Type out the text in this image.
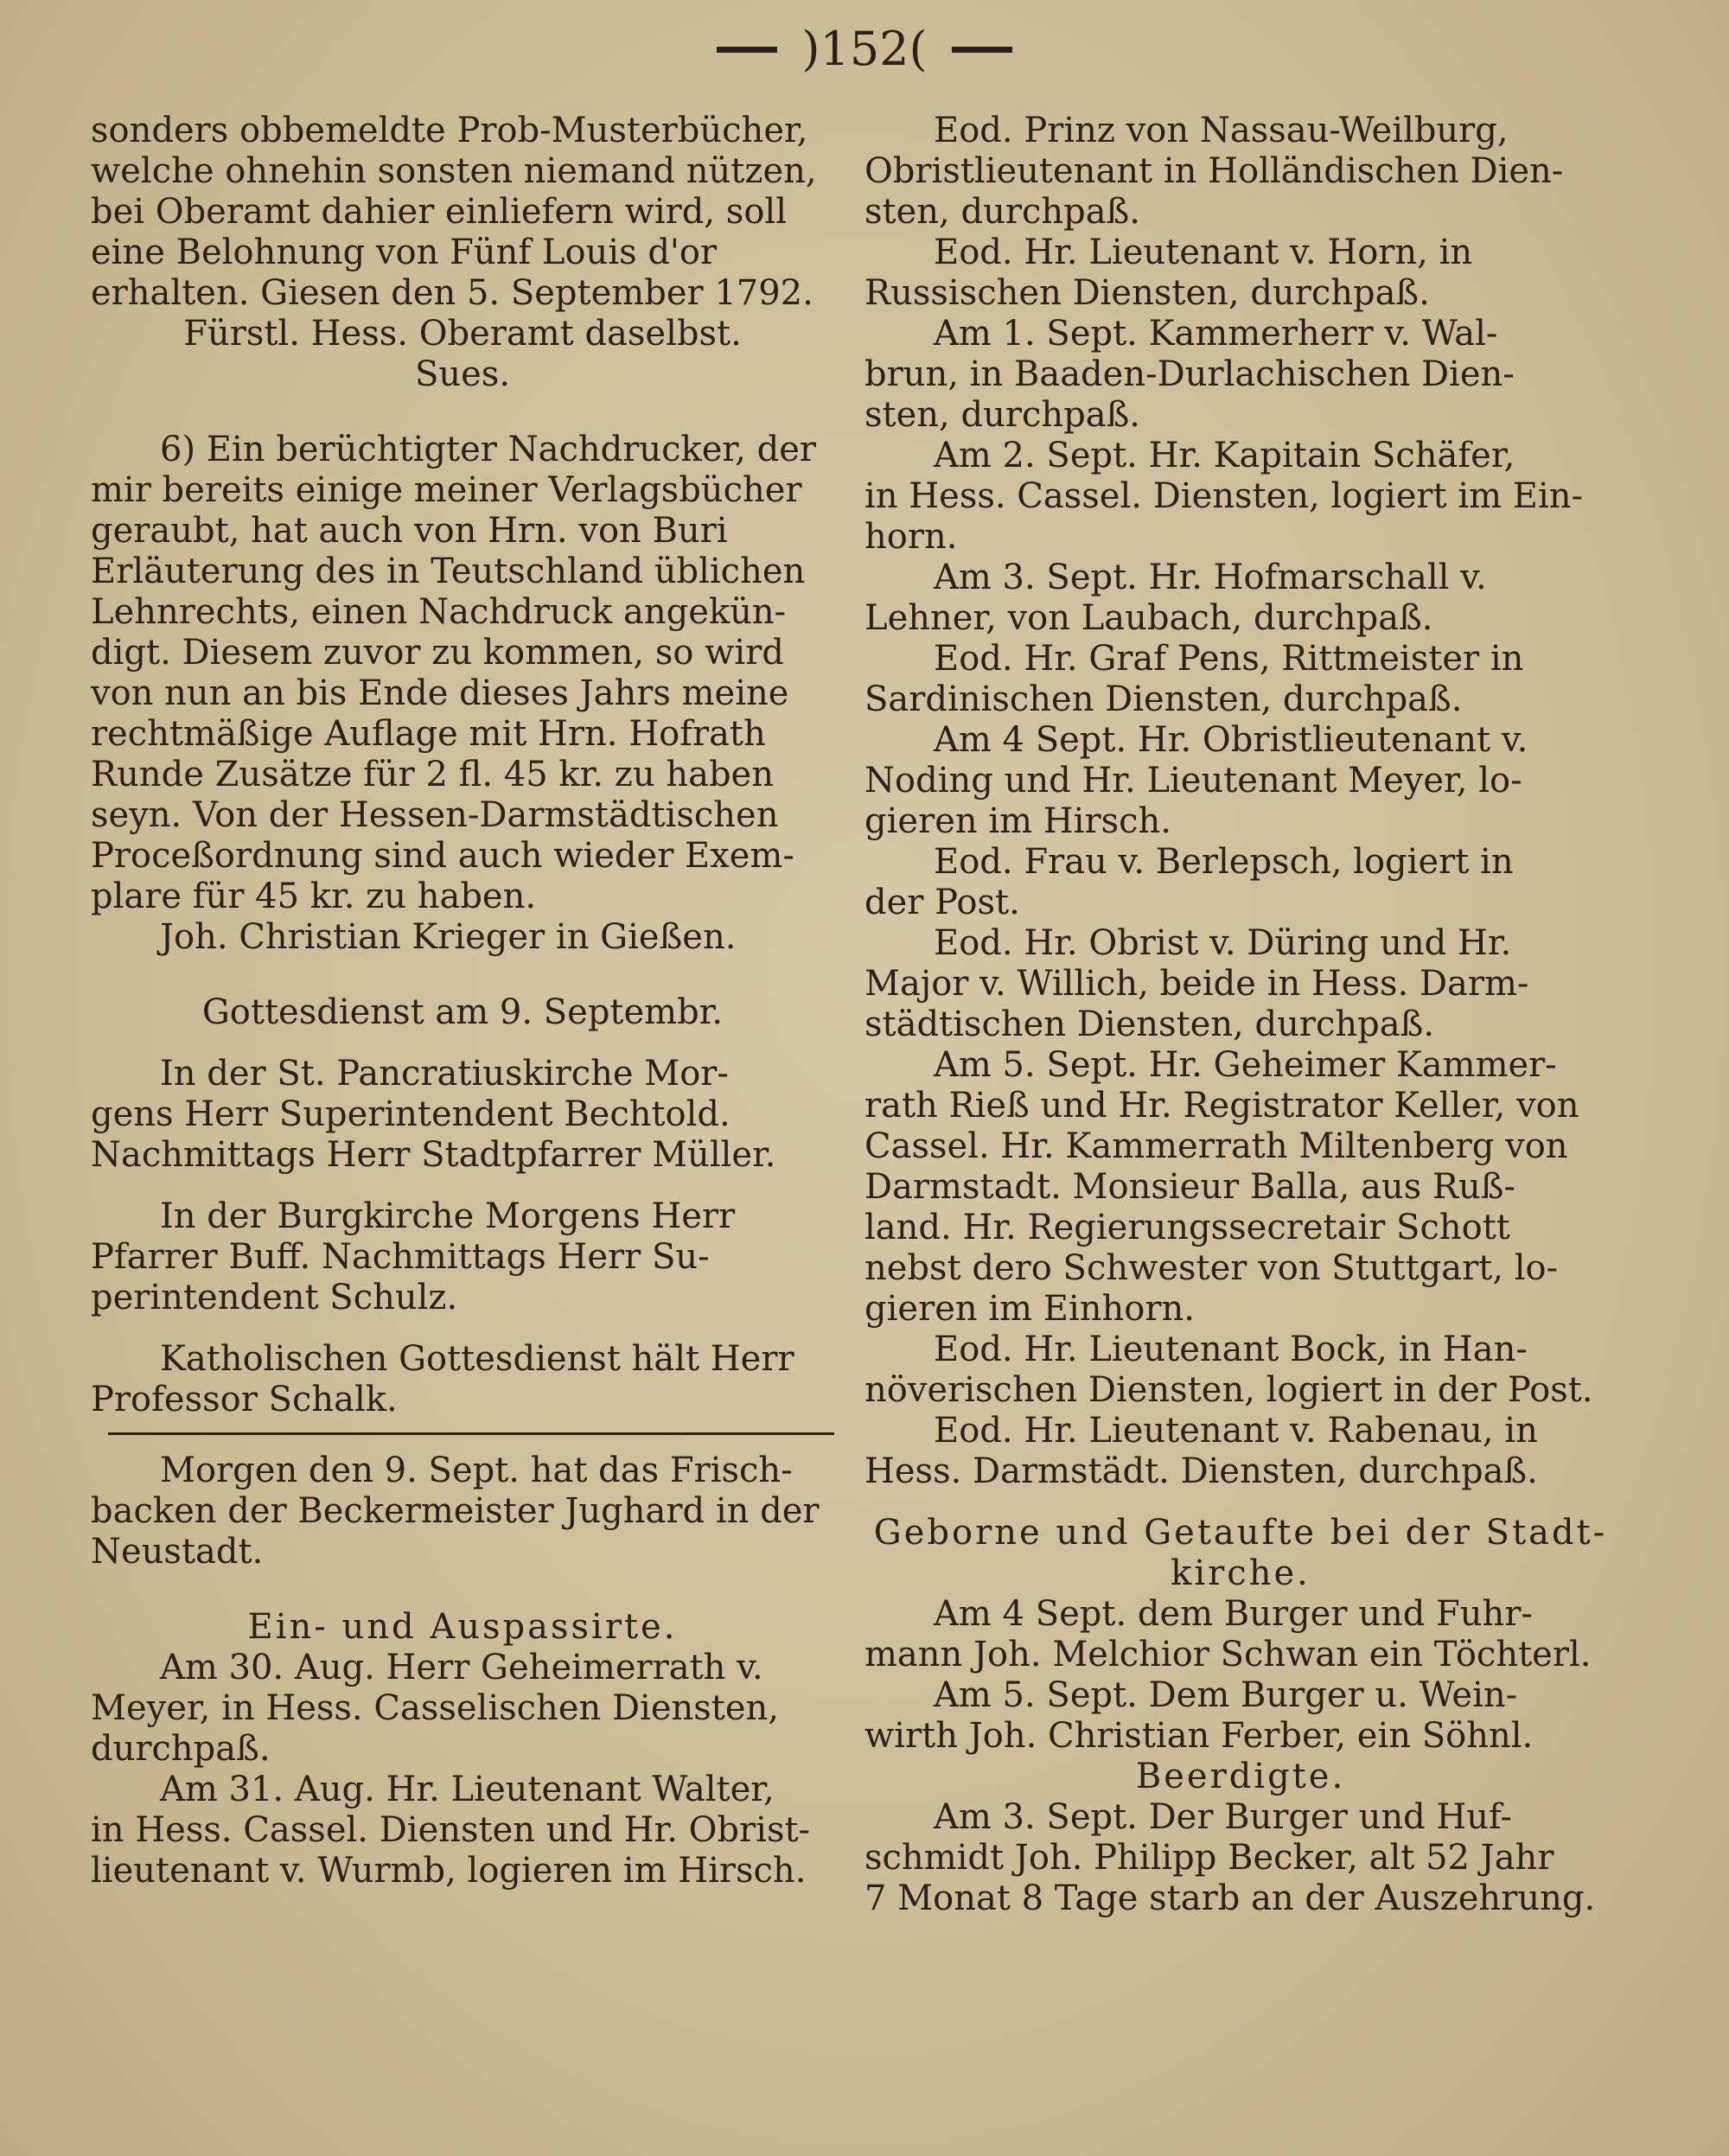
)152(

sonders obbemeldte Prob-Musterbücher,

welche ohnehin sonsten niemand nützen,

bei Oberamt dahier einliefern wird, soll

eine Belohnung von Fünf Louis d'or

erhalten. Giesen den 5. September 1792.

Fürstl. Hess. Oberamt daselbst.

Sues.

6) Ein berüchtigter Nachdrucker, der

mir bereits einige meiner Verlagsbücher

geraubt, hat auch von Hrn. von Buri

Erläuterung des in Teutschland üblichen

Lehnrechts, einen Nachdruck angekün-

digt. Diesem zuvor zu kommen, so wird

von nun an bis Ende dieses Jahrs meine

rechtmäßige Auflage mit Hrn. Hofrath

Runde Zusätze für 2 fl. 45 kr. zu haben

seyn. Von der Hessen-Darmstädtischen

Proceßordnung sind auch wieder Exem-

plare für 45 kr. zu haben.

Joh. Christian Krieger in Gießen.

Gottesdienst am 9. Septembr.

In der St. Pancratiuskirche Mor-

gens Herr Superintendent Bechtold.

Nachmittags Herr Stadtpfarrer Müller.

In der Burgkirche Morgens Herr

Pfarrer Buff. Nachmittags Herr Su-

perintendent Schulz.

Katholischen Gottesdienst hält Herr

Professor Schalk.

Morgen den 9. Sept. hat das Frisch-

backen der Beckermeister Jughard in der

Neustadt.

Ein- und Auspassirte.

Am 30. Aug. Herr Geheimerrath v.

Meyer, in Hess. Casselischen Diensten,

durchpaß.

Am 31. Aug. Hr. Lieutenant Walter,

in Hess. Cassel. Diensten und Hr. Obrist-

lieutenant v. Wurmb, logieren im Hirsch.

Eod. Prinz von Nassau-Weilburg,

Obristlieutenant in Holländischen Dien-

sten, durchpaß.

Eod. Hr. Lieutenant v. Horn, in

Russischen Diensten, durchpaß.

Am 1. Sept. Kammerherr v. Wal-

brun, in Baaden-Durlachischen Dien-

sten, durchpaß.

Am 2. Sept. Hr. Kapitain Schäfer,

in Hess. Cassel. Diensten, logiert im Ein-

horn.

Am 3. Sept. Hr. Hofmarschall v.

Lehner, von Laubach, durchpaß.

Eod. Hr. Graf Pens, Rittmeister in

Sardinischen Diensten, durchpaß.

Am 4 Sept. Hr. Obristlieutenant v.

Noding und Hr. Lieutenant Meyer, lo-

gieren im Hirsch.

Eod. Frau v. Berlepsch, logiert in

der Post.

Eod. Hr. Obrist v. Düring und Hr.

Major v. Willich, beide in Hess. Darm-

städtischen Diensten, durchpaß.

Am 5. Sept. Hr. Geheimer Kammer-

rath Rieß und Hr. Registrator Keller, von

Cassel. Hr. Kammerrath Miltenberg von

Darmstadt. Monsieur Balla, aus Ruß-

land. Hr. Regierungssecretair Schott

nebst dero Schwester von Stuttgart, lo-

gieren im Einhorn.

Eod. Hr. Lieutenant Bock, in Han-

növerischen Diensten, logiert in der Post.

Eod. Hr. Lieutenant v. Rabenau, in

Hess. Darmstädt. Diensten, durchpaß.

Geborne und Getaufte bei der Stadt-

kirche.

Am 4 Sept. dem Burger und Fuhr-

mann Joh. Melchior Schwan ein Töchterl.

Am 5. Sept. Dem Burger u. Wein-

wirth Joh. Christian Ferber, ein Söhnl.

Beerdigte.

Am 3. Sept. Der Burger und Huf-

schmidt Joh. Philipp Becker, alt 52 Jahr

7 Monat 8 Tage starb an der Auszehrung.
